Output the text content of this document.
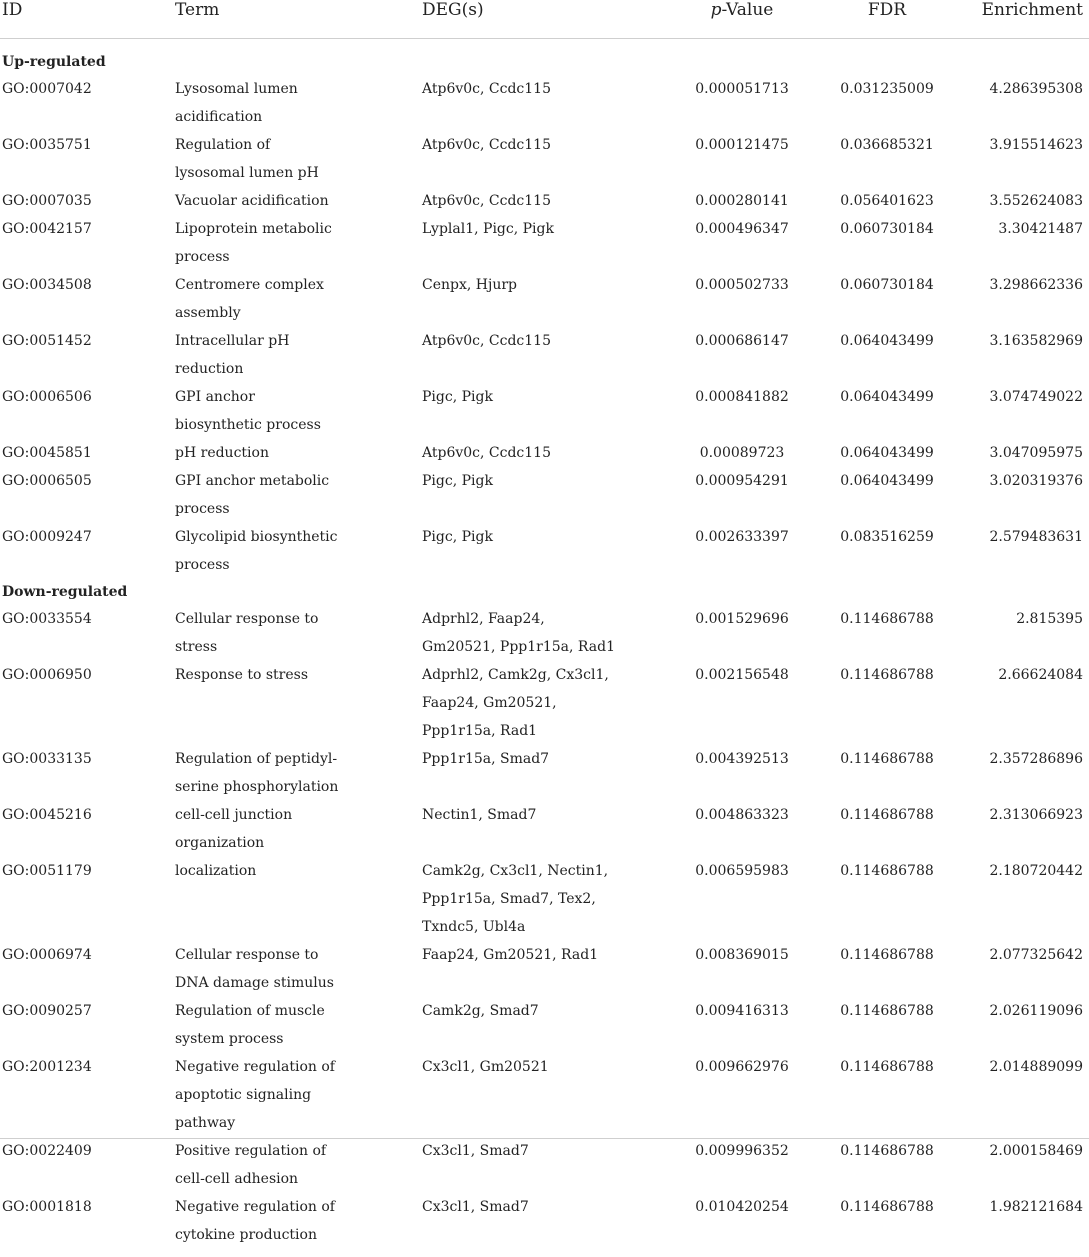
ID	Term	DEG(s)	p-Value	FDR	Enrichment
Up-regulated					
GO:0007042	Lysosomal lumen acidification	Atp6v0c, Ccdc115	0.000051713	0.031235009	4.286395308
GO:0035751	Regulation of lysosomal lumen pH	Atp6v0c, Ccdc115	0.000121475	0.036685321	3.915514623
GO:0007035	Vacuolar acidification	Atp6v0c, Ccdc115	0.000280141	0.056401623	3.552624083
GO:0042157	Lipoprotein metabolic process	Lyplal1, Pigc, Pigk	0.000496347	0.060730184	3.30421487
GO:0034508	Centromere complex assembly	Cenpx, Hjurp	0.000502733	0.060730184	3.298662336
GO:0051452	Intracellular pH reduction	Atp6v0c, Ccdc115	0.000686147	0.064043499	3.163582969
GO:0006506	GPI anchor biosynthetic process	Pigc, Pigk	0.000841882	0.064043499	3.074749022
GO:0045851	pH reduction	Atp6v0c, Ccdc115	0.00089723	0.064043499	3.047095975
GO:0006505	GPI anchor metabolic process	Pigc, Pigk	0.000954291	0.064043499	3.020319376
GO:0009247	Glycolipid biosynthetic process	Pigc, Pigk	0.002633397	0.083516259	2.579483631
Down-regulated					
GO:0033554	Cellular response to stress	Adprhl2, Faap24, Gm20521, Ppp1r15a, Rad1	0.001529696	0.114686788	2.815395
GO:0006950	Response to stress	Adprhl2, Camk2g, Cx3cl1, Faap24, Gm20521, Ppp1r15a, Rad1	0.002156548	0.114686788	2.66624084
GO:0033135	Regulation of peptidyl-serine phosphorylation	Ppp1r15a, Smad7	0.004392513	0.114686788	2.357286896
GO:0045216	cell-cell junction organization	Nectin1, Smad7	0.004863323	0.114686788	2.313066923
GO:0051179	localization	Camk2g, Cx3cl1, Nectin1, Ppp1r15a, Smad7, Tex2, Txndc5, Ubl4a	0.006595983	0.114686788	2.180720442
GO:0006974	Cellular response to DNA damage stimulus	Faap24, Gm20521, Rad1	0.008369015	0.114686788	2.077325642
GO:0090257	Regulation of muscle system process	Camk2g, Smad7	0.009416313	0.114686788	2.026119096
GO:2001234	Negative regulation of apoptotic signaling pathway	Cx3cl1, Gm20521	0.009662976	0.114686788	2.014889099
GO:0022409	Positive regulation of cell-cell adhesion	Cx3cl1, Smad7	0.009996352	0.114686788	2.000158469
GO:0001818	Negative regulation of cytokine production	Cx3cl1, Smad7	0.010420254	0.114686788	1.982121684
